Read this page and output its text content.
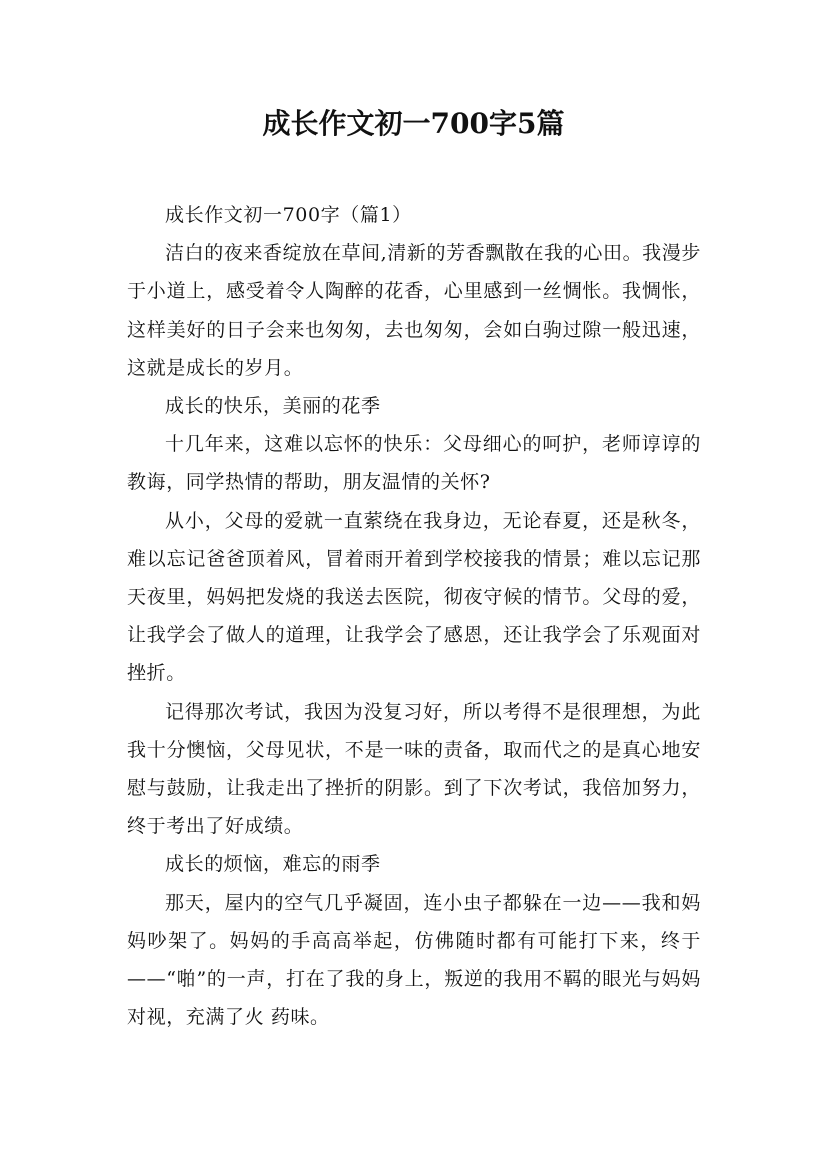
成长作文初一700字5篇

成长作文初一700字（篇1）

洁白的夜来香绽放在草间,清新的芳香飘散在我的心田。我漫步于小道上，感受着令人陶醉的花香，心里感到一丝惆怅。我惆怅，这样美好的日子会来也匆匆，去也匆匆，会如白驹过隙一般迅速，这就是成长的岁月。

成长的快乐，美丽的花季

十几年来，这难以忘怀的快乐：父母细心的呵护，老师谆谆的教诲，同学热情的帮助，朋友温情的关怀?

从小，父母的爱就一直萦绕在我身边，无论春夏，还是秋冬，难以忘记爸爸顶着风，冒着雨开着到学校接我的情景；难以忘记那天夜里，妈妈把发烧的我送去医院，彻夜守候的情节。父母的爱，让我学会了做人的道理，让我学会了感恩，还让我学会了乐观面对挫折。

记得那次考试，我因为没复习好，所以考得不是很理想，为此我十分懊恼，父母见状，不是一味的责备，取而代之的是真心地安慰与鼓励，让我走出了挫折的阴影。到了下次考试，我倍加努力，终于考出了好成绩。

成长的烦恼，难忘的雨季

那天，屋内的空气几乎凝固，连小虫子都躲在一边——我和妈妈吵架了。妈妈的手高高举起，仿佛随时都有可能打下来，终于——“啪”的一声，打在了我的身上，叛逆的我用不羁的眼光与妈妈对视，充满了火 药味。
